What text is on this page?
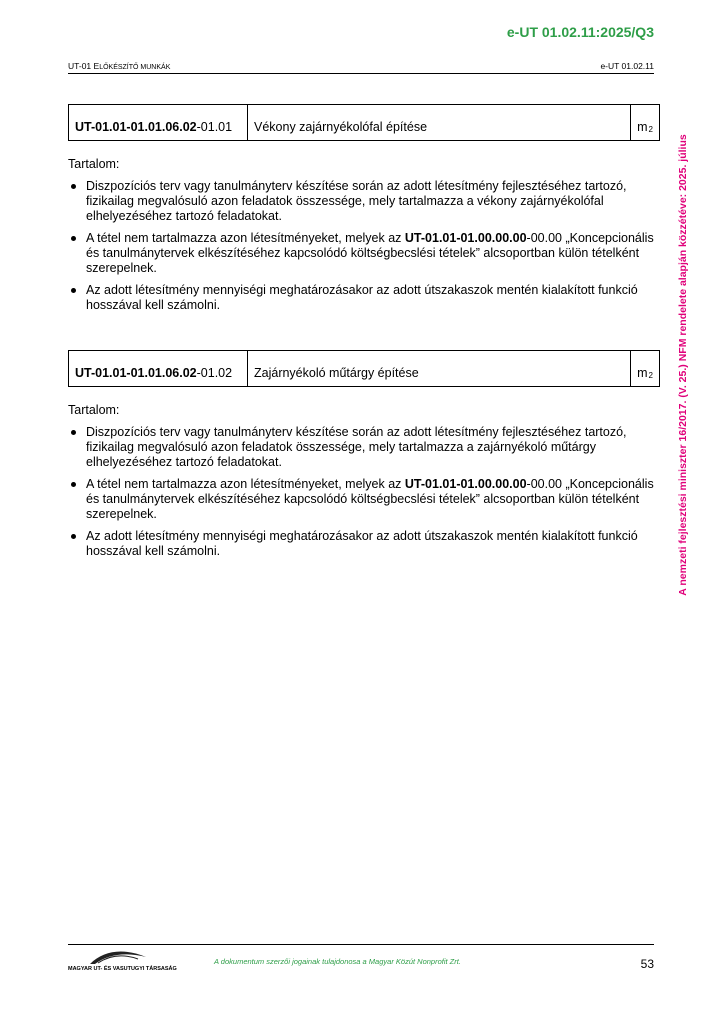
e-UT 01.02.11:2025/Q3
UT-01 ELŐKÉSZÍTŐ MUNKÁK	e-UT 01.02.11
A nemzeti fejlesztési miniszter 16/2017. (V. 25.) NFM rendelete alapján közzétéve: 2025. július
UT-01.01-01.01.06.02 -01.01	Vékony zajárnyékolófal építése	$m_2$
Tartalom:
Diszpozíciós terv vagy tanulmányterv készítése során az adott létesítmény fejlesztéséhez tartozó, fizikailag megvalósuló azon feladatok összessége, mely tartalmazza a vékony zajárnyékolófal elhelyezéséhez tartozó feladatokat.
A tétel nem tartalmazza azon létesítményeket, melyek az UT-01.01-01.00.00.00-00.00 „Koncepcionális és tanulmánytervek elkészítéséhez kapcsolódó költségbecslési tételek” alcsoportban külön tételként szerepelnek.
Az adott létesítmény mennyiségi meghatározásakor az adott útszakaszok mentén kialakított funkció hosszával kell számolni.
UT-01.01-01.01.06.02 -01.02	Zajárnyékoló műtárgy építése	$m_2$
Tartalom:
Diszpozíciós terv vagy tanulmányterv készítése során az adott létesítmény fejlesztéséhez tartozó, fizikailag megvalósuló azon feladatok összessége, mely tartalmazza a zajárnyékoló műtárgy elhelyezéséhez tartozó feladatokat.
A tétel nem tartalmazza azon létesítményeket, melyek az UT-01.01-01.00.00.00-00.00 „Koncepcionális és tanulmánytervek elkészítéséhez kapcsolódó költségbecslési tételek” alcsoportban külön tételként szerepelnek.
Az adott létesítmény mennyiségi meghatározásakor az adott útszakaszok mentén kialakított funkció hosszával kell számolni.
MAGYAR UT- ÉS VASUTUGYI TÁRSASÁG
A dokumentum szerzői jogainak tulajdonosa a Magyar Közút Nonprofit Zrt.	53
